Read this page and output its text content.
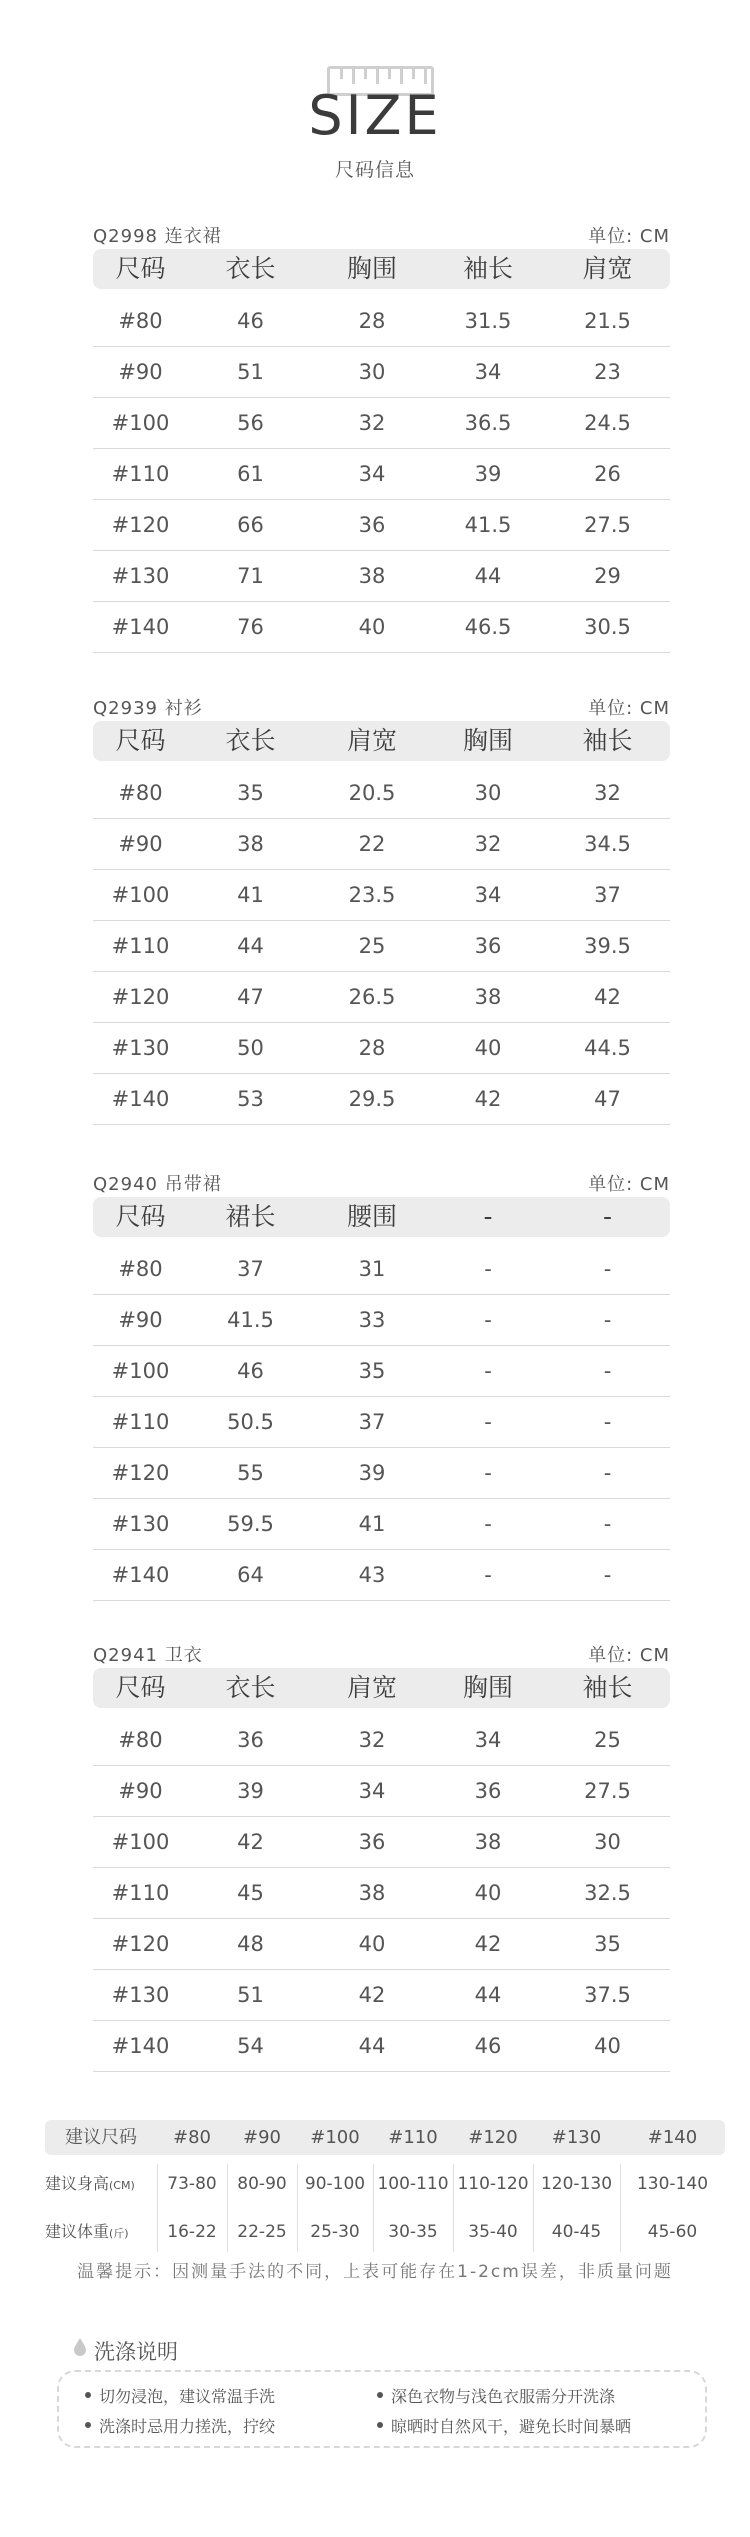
SIZE
尺码信息
Q2998 连衣裙	单位: CM
尺码	衣长	胸围	袖长	肩宽
#80	46	28	31.5	21.5
#90	51	30	34	23
#100	56	32	36.5	24.5
#110	61	34	39	26
#120	66	36	41.5	27.5
#130	71	38	44	29
#140	76	40	46.5	30.5
Q2939 衬衫	单位: CM
尺码	衣长	肩宽	胸围	袖长
#80	35	20.5	30	32
#90	38	22	32	34.5
#100	41	23.5	34	37
#110	44	25	36	39.5
#120	47	26.5	38	42
#130	50	28	40	44.5
#140	53	29.5	42	47
Q2940 吊带裙	单位: CM
尺码	裙长	腰围	-	-
#80	37	31	-	-
#90	41.5	33	-	-
#100	46	35	-	-
#110	50.5	37	-	-
#120	55	39	-	-
#130	59.5	41	-	-
#140	64	43	-	-
Q2941 卫衣	单位: CM
尺码	衣长	肩宽	胸围	袖长
#80	36	32	34	25
#90	39	34	36	27.5
#100	42	36	38	30
#110	45	38	40	32.5
#120	48	40	42	35
#130	51	42	44	37.5
#140	54	44	46	40
建议尺码	#80	#90	#100	#110	#120	#130	#140
建议身高(CM)	73-80	80-90	90-100 100-110 110-120 120-130	130-140
建议体重(斤)	16-22	22-25	25-30	30-35	35-40	40-45	45-60
温馨提示：因测量手法的不同，上表可能存在1-2cm误差，非质量问题
洗涤说明
切勿浸泡，建议常温手洗	深色衣物与浅色衣服需分开洗涤
洗涤时忌用力搓洗，拧绞	晾晒时自然风干，避免长时间暴晒
